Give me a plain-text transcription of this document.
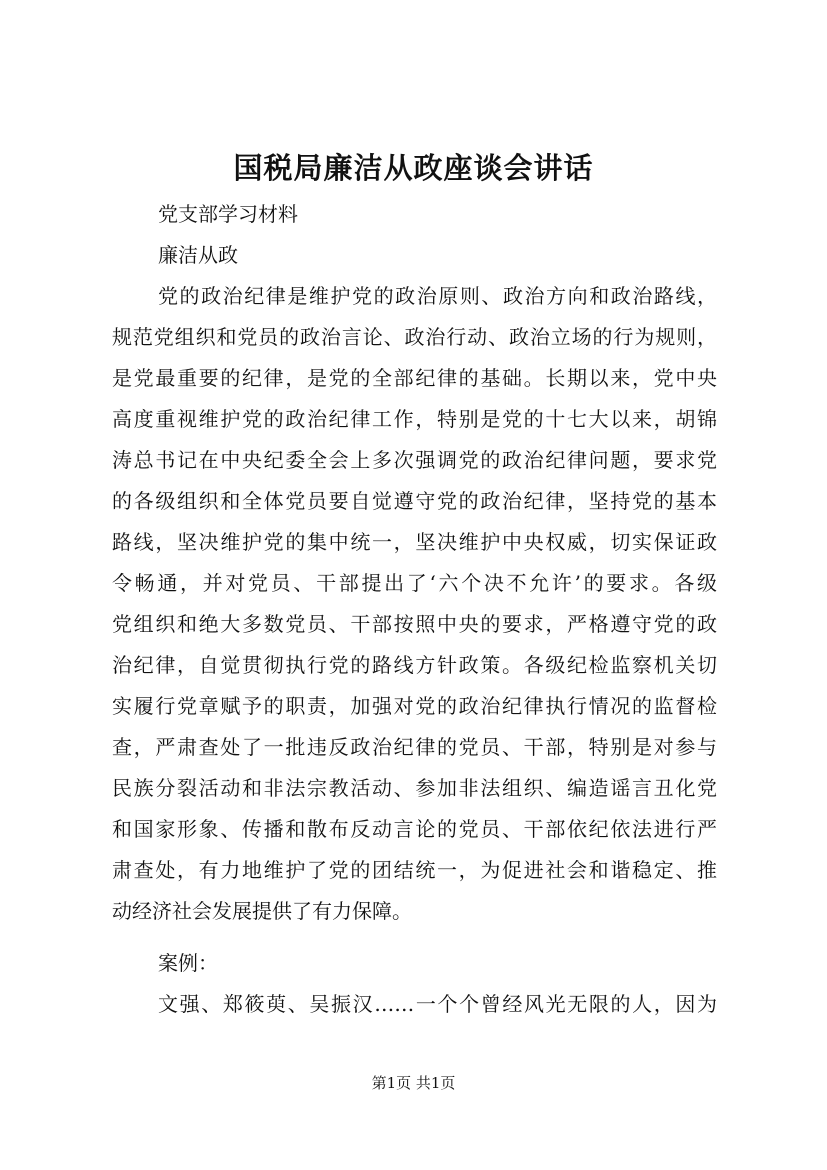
国税局廉洁从政座谈会讲话
党支部学习材料
廉洁从政
党的政治纪律是维护党的政治原则、政治方向和政治路线，
规范党组织和党员的政治言论、政治行动、政治立场的行为规则，
是党最重要的纪律，是党的全部纪律的基础。长期以来，党中央
高度重视维护党的政治纪律工作，特别是党的十七大以来，胡锦
涛总书记在中央纪委全会上多次强调党的政治纪律问题，要求党
的各级组织和全体党员要自觉遵守党的政治纪律，坚持党的基本
路线，坚决维护党的集中统一，坚决维护中央权威，切实保证政
令畅通，并对党员、干部提出了‘六个决不允许’的要求。各级
党组织和绝大多数党员、干部按照中央的要求，严格遵守党的政
治纪律，自觉贯彻执行党的路线方针政策。各级纪检监察机关切
实履行党章赋予的职责，加强对党的政治纪律执行情况的监督检
查，严肃查处了一批违反政治纪律的党员、干部，特别是对参与
民族分裂活动和非法宗教活动、参加非法组织、编造谣言丑化党
和国家形象、传播和散布反动言论的党员、干部依纪依法进行严
肃查处，有力地维护了党的团结统一，为促进社会和谐稳定、推
动经济社会发展提供了有力保障。
案例：
文强、郑筱萸、吴振汉……一个个曾经风光无限的人，因为
第1页 共1页
